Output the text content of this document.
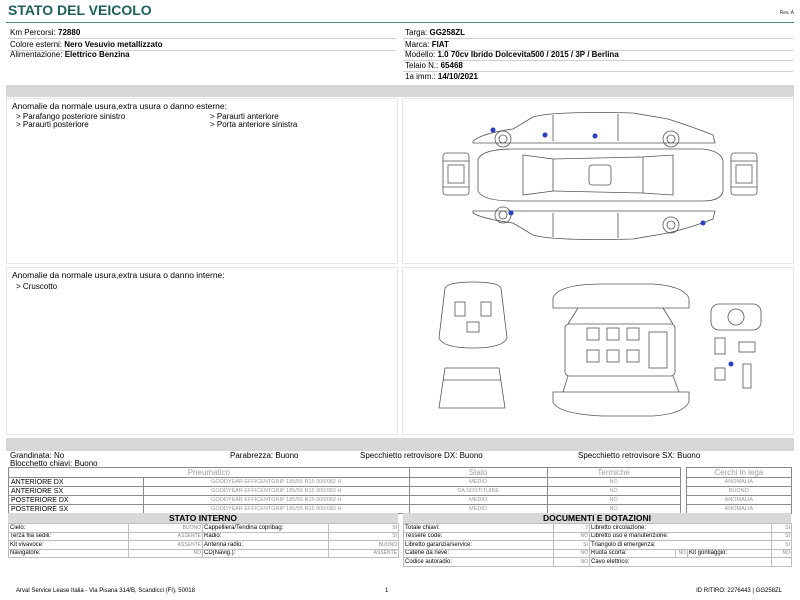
STATO DEL VEICOLO	Rev. A
Km Percorsi: 72880
Colore esterni: Nero Vesuvio metallizzato
Alimentazione: Elettrico Benzina
Targa: GG258ZL
Marca: FIAT
Modello: 1.0 70cv Ibrido Dolcevita500 / 2015 / 3P / Berlina
Telaio N.: 65468
1a imm.: 14/10/2021
Anomalie da normale usura,extra usura o danno esterne:
> Parafango posteriore sinistro	> Paraurti anteriore
> Paraurti posteriore	> Porta anteriore sinistra
Anomalie da normale usura,extra usura o danno interne:
> Cruscotto
Grandinata: No	Parabrezza: Buono	Specchietto retrovisore DX: Buono	Specchietto retrovisore SX: Buono
Blocchetto chiavi: Buono
Pneumatico		Stato	Termiche		Cerchi in lega
ANTERIORE DX	GOODYEAR EFFICENTGRIP 185/55 R15 000/082 H	MEDIO	NO		ANOMALIA
ANTERIORE SX	GOODYEAR EFFICENTGRIP 185/55 R15 000/082 H	DA SOSTITUIRE	NO		BUONO
POSTERIORE DX	GOODYEAR EFFICENTGRIP 185/55 R15 000/082 H	MEDIO	NO		ANOMALIA
POSTERIORE SX	GOODYEAR EFFICENTGRIP 185/55 R15 000/082 H	MEDIO	NO		ANOMALIA
STATO INTERNO
Cielo:	BUONO	Cappelliera/Tendina copribag:	SI
Terza fila sedili:	ASSENTE	Radio:	SI
Kit vivavoce:	ASSENTE	Antenna radio:	BUONO
Navigatore:	NO	CD(Navig.):	ASSENTE
DOCUMENTI E DOTAZIONI
Totale chiavi:	2	Libretto circolazione:			SI
Tessere code:	NO	Libretto uso e manutenzione:			SI
Libretto garanzia/service:	SI	Triangolo di emergenza:			SI
Catene da neve:	NO	Ruota scorta:	NO	Kit gonfiaggio:	NO
Codice autoradio:	NO	Cavo elettrico:			
Arval Service Lease Italia - Via Pisana 314/B, Scandicci (FI), 50018	1	ID RITIRO: 2276443 | GG258ZL
